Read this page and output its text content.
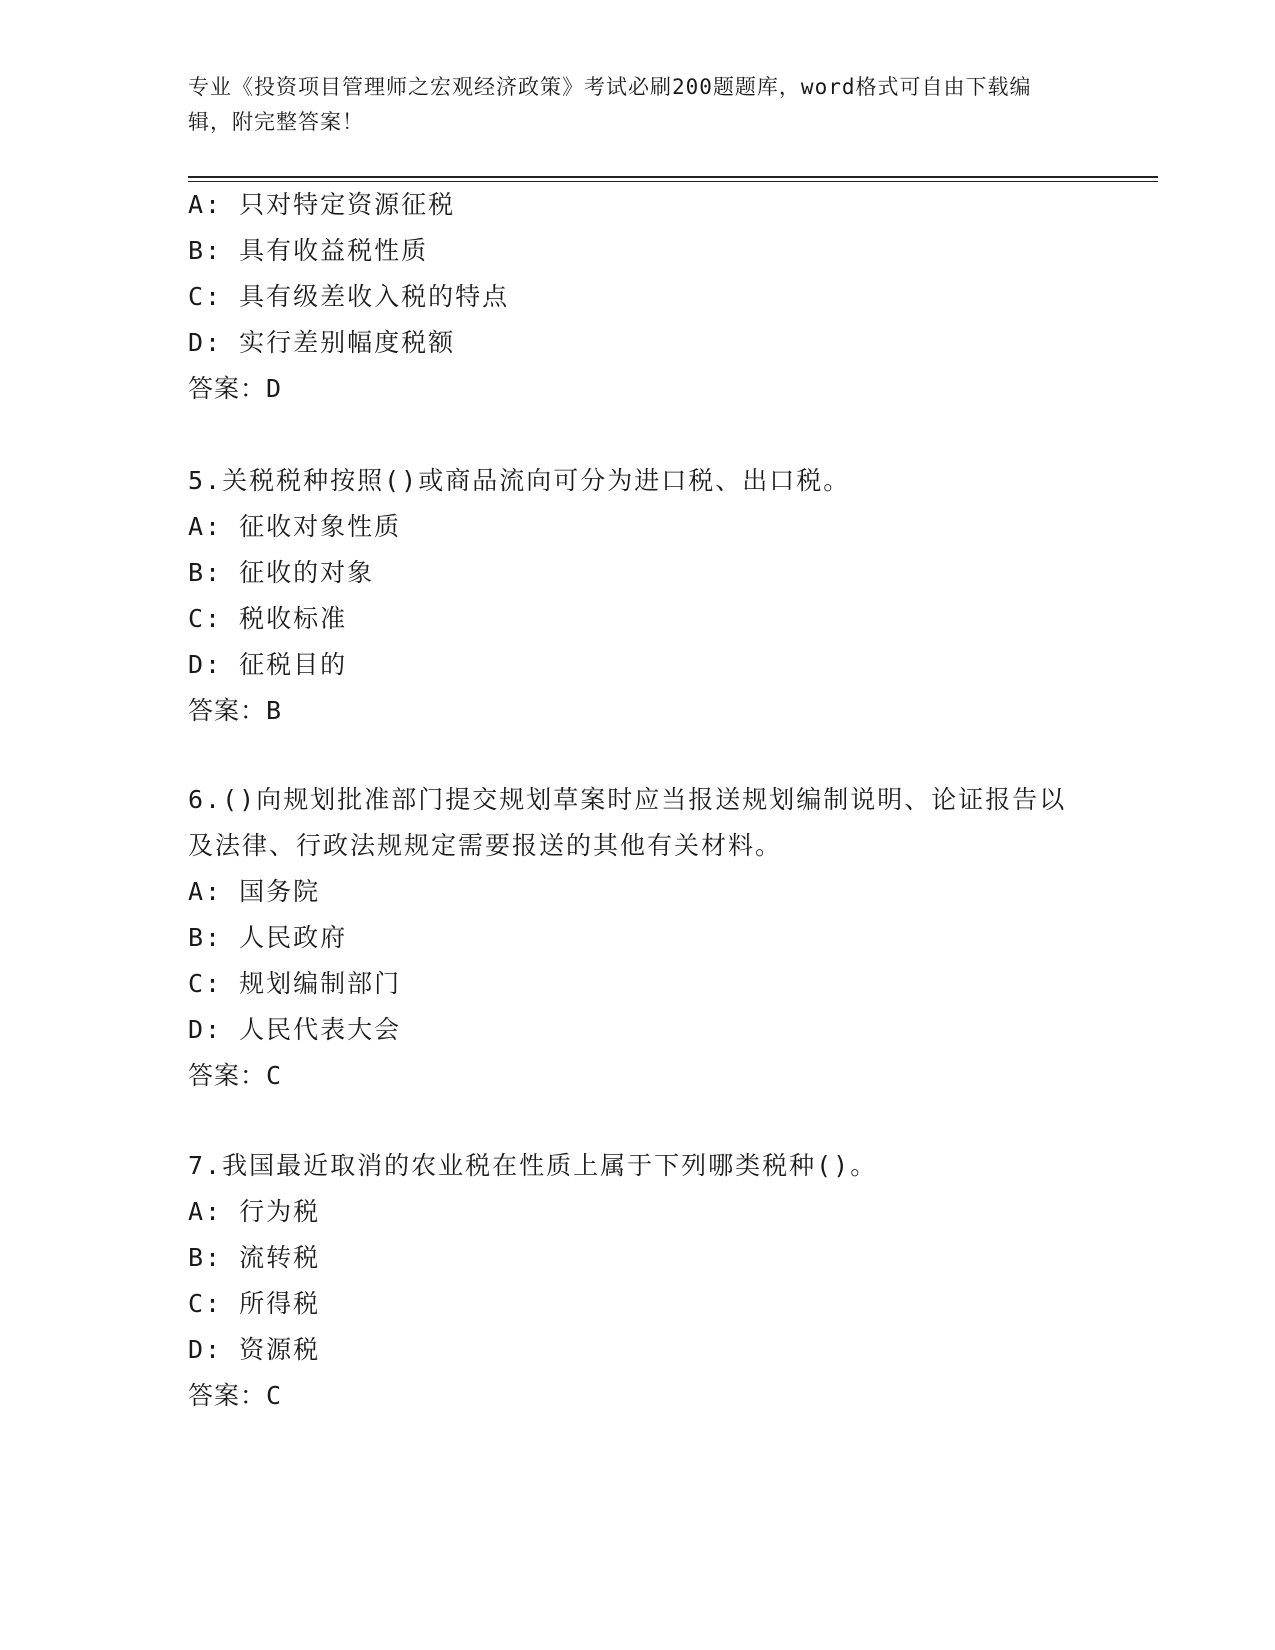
专业《投资项目管理师之宏观经济政策》考试必刷200题题库，word格式可自由下载编辑，附完整答案！
A: 只对特定资源征税
B: 具有收益税性质
C: 具有级差收入税的特点
D: 实行差别幅度税额
答案：D
5.关税税种按照()或商品流向可分为进口税、出口税。
A: 征收对象性质
B: 征收的对象
C: 税收标准
D: 征税目的
答案：B
6.()向规划批准部门提交规划草案时应当报送规划编制说明、论证报告以及法律、行政法规规定需要报送的其他有关材料。
A: 国务院
B: 人民政府
C: 规划编制部门
D: 人民代表大会
答案：C
7.我国最近取消的农业税在性质上属于下列哪类税种()。
A: 行为税
B: 流转税
C: 所得税
D: 资源税
答案：C
